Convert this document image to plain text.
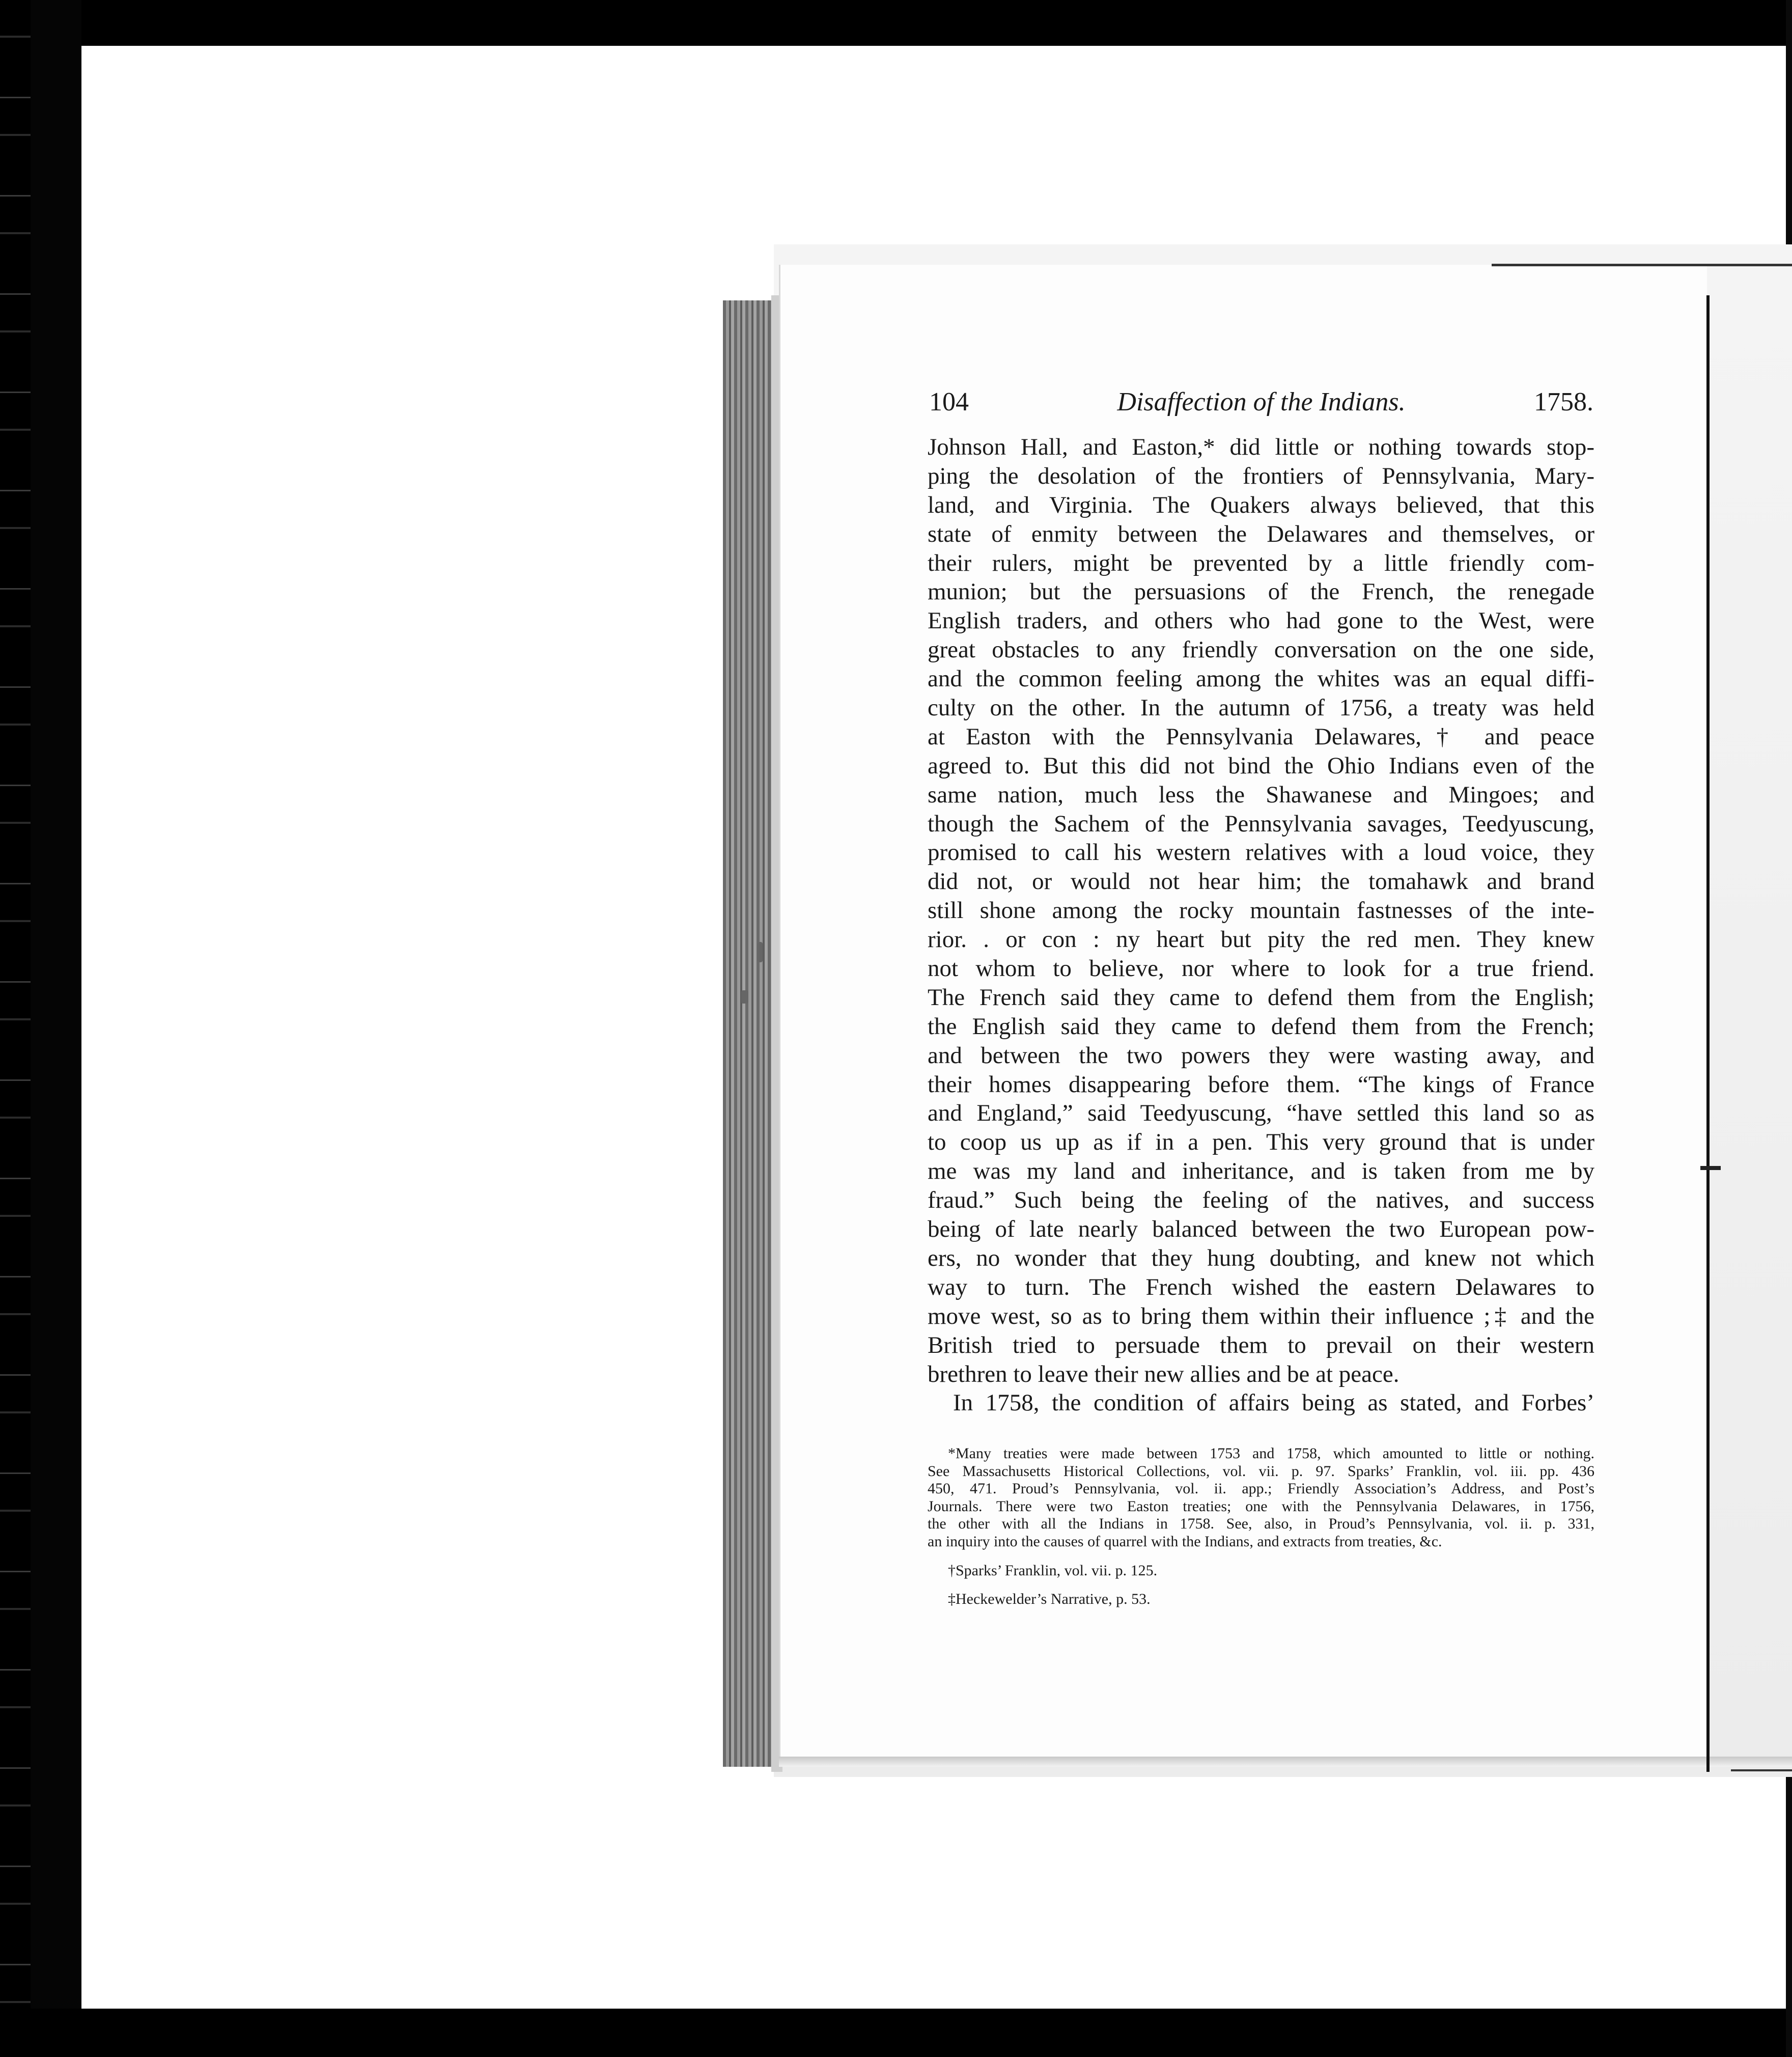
104	Disaffection of the Indians.	1758.
Johnson Hall, and Easton,* did little or nothing towards stop-
ping the desolation of the frontiers of Pennsylvania, Mary-
land, and Virginia. The Quakers always believed, that this
state of enmity between the Delawares and themselves, or
their rulers, might be prevented by a little friendly com-
munion; but the persuasions of the French, the renegade
English traders, and others who had gone to the West, were
great obstacles to any friendly conversation on the one side,
and the common feeling among the whites was an equal diffi-
culty on the other. In the autumn of 1756, a treaty was held
at Easton with the Pennsylvania Delawares,† and peace
agreed to. But this did not bind the Ohio Indians even of the
same nation, much less the Shawanese and Mingoes; and
though the Sachem of the Pennsylvania savages, Teedyuscung,
promised to call his western relatives with a loud voice, they
did not, or would not hear him; the tomahawk and brand
still shone among the rocky mountain fastnesses of the inte-
rior. . or con : ny heart but pity the red men. They knew
not whom to believe, nor where to look for a true friend.
The French said they came to defend them from the English;
the English said they came to defend them from the French;
and between the two powers they were wasting away, and
their homes disappearing before them. “The kings of France
and England,” said Teedyuscung, “have settled this land so as
to coop us up as if in a pen. This very ground that is under
me was my land and inheritance, and is taken from me by
fraud.” Such being the feeling of the natives, and success
being of late nearly balanced between the two European pow-
ers, no wonder that they hung doubting, and knew not which
way to turn. The French wished the eastern Delawares to
move west, so as to bring them within their influence ;‡ and the
British tried to persuade them to prevail on their western
brethren to leave their new allies and be at peace.
In 1758, the condition of affairs being as stated, and Forbes’
*Many treaties were made between 1753 and 1758, which amounted to little or nothing.
See Massachusetts Historical Collections, vol. vii. p. 97. Sparks’ Franklin, vol. iii. pp. 436
450, 471. Proud’s Pennsylvania, vol. ii. app.; Friendly Association’s Address, and Post’s
Journals. There were two Easton treaties; one with the Pennsylvania Delawares, in 1756,
the other with all the Indians in 1758. See, also, in Proud’s Pennsylvania, vol. ii. p. 331,
an inquiry into the causes of quarrel with the Indians, and extracts from treaties, &c.
†Sparks’ Franklin, vol. vii. p. 125.
‡Heckewelder’s Narrative, p. 53.
